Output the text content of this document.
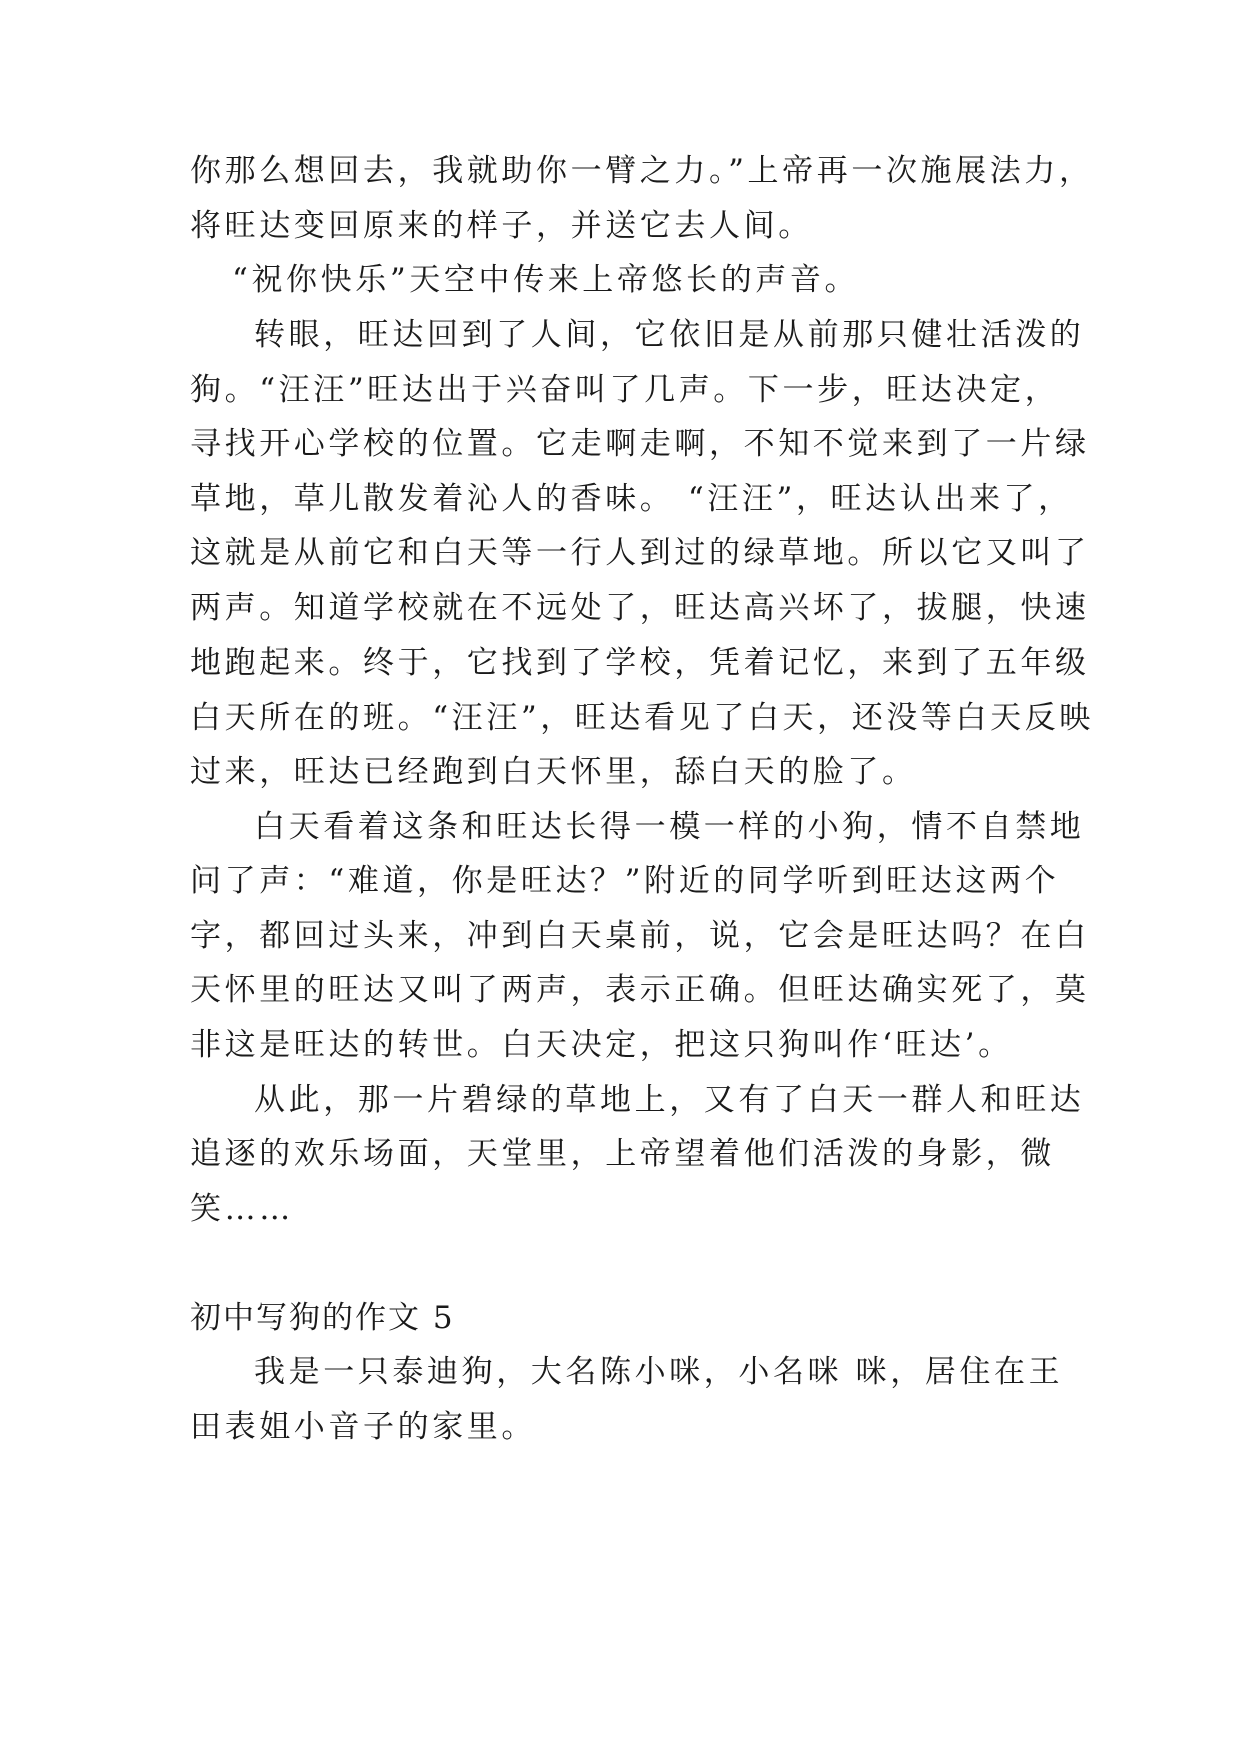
你那么想回去，我就助你一臂之力。”上帝再一次施展法力，
将旺达变回原来的样子，并送它去人间。
“祝你快乐”天空中传来上帝悠长的声音。
转眼，旺达回到了人间，它依旧是从前那只健壮活泼的
狗。“汪汪”旺达出于兴奋叫了几声。下一步，旺达决定，
寻找开心学校的位置。它走啊走啊，不知不觉来到了一片绿
草地，草儿散发着沁人的香味。 “汪汪”，旺达认出来了，
这就是从前它和白天等一行人到过的绿草地。所以它又叫了
两声。知道学校就在不远处了，旺达高兴坏了，拔腿，快速
地跑起来。终于，它找到了学校，凭着记忆，来到了五年级
白天所在的班。“汪汪”，旺达看见了白天，还没等白天反映
过来，旺达已经跑到白天怀里，舔白天的脸了。
白天看着这条和旺达长得一模一样的小狗，情不自禁地
问了声：“难道，你是旺达？”附近的同学听到旺达这两个
字，都回过头来，冲到白天桌前，说，它会是旺达吗？在白
天怀里的旺达又叫了两声，表示正确。但旺达确实死了，莫
非这是旺达的转世。白天决定，把这只狗叫作‘旺达’。
从此，那一片碧绿的草地上，又有了白天一群人和旺达
追逐的欢乐场面，天堂里，上帝望着他们活泼的身影，微
笑……
初中写狗的作文 5
我是一只泰迪狗，大名陈小咪，小名咪 咪，居住在王
田表姐小音子的家里。
